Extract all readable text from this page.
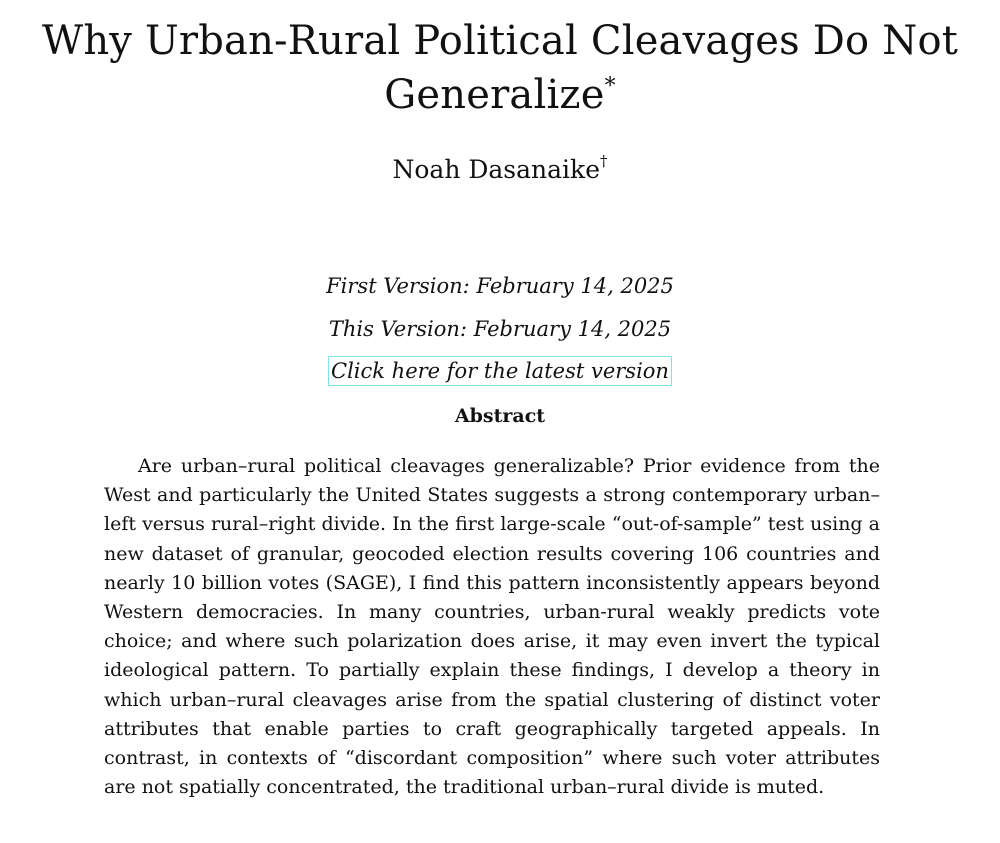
Why Urban-Rural Political Cleavages Do Not Generalize*
Noah Dasanaike†
First Version: February 14, 2025
This Version: February 14, 2025
Click here for the latest version
Abstract

Are urban–rural political cleavages generalizable? Prior evidence from the West and particularly the United States suggests a strong contemporary urban–left versus rural–right divide. In the first large-scale “out-of-sample” test using a new dataset of granular, geocoded election results covering 106 countries and nearly 10 billion votes (SAGE), I find this pattern inconsistently appears beyond Western democracies. In many countries, urban-rural weakly predicts vote choice; and where such polarization does arise, it may even invert the typical ideological pattern. To partially explain these findings, I develop a theory in which urban–rural cleavages arise from the spatial clustering of distinct voter attributes that enable parties to craft geographically targeted appeals. In contrast, in contexts of “discordant composition” where such voter attributes are not spatially concentrated, the traditional urban–rural divide is muted.
